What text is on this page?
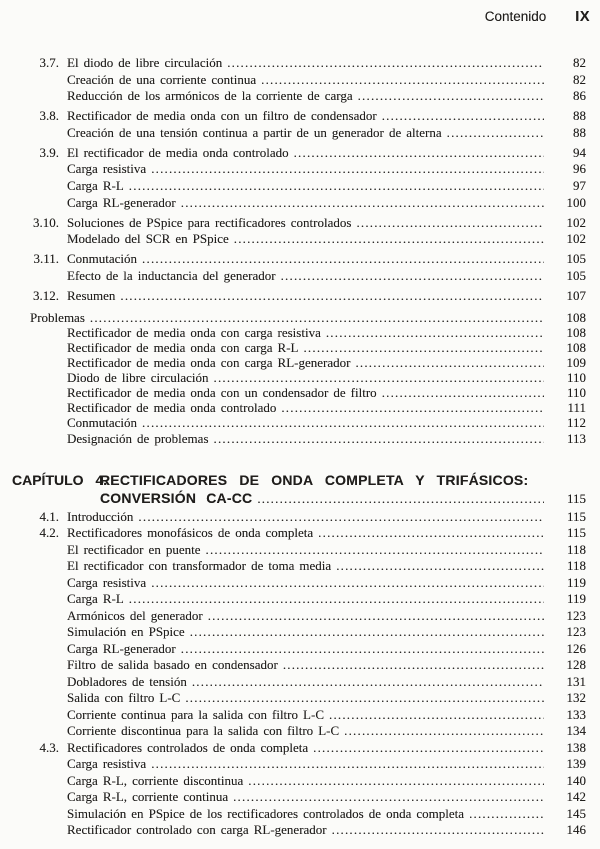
Contenido IX
3.7. El diodo de libre circulación .....	82
Creación de una corriente continua .....	82
Reducción de los armónicos de la corriente de carga .....	86
3.8. Rectificador de media onda con un filtro de condensador .....	88
Creación de una tensión continua a partir de un generador de alterna .....	88
3.9. El rectificador de media onda controlado .....	94
Carga resistiva .....	96
Carga R-L .....	97
Carga RL-generador .....	100
3.10. Soluciones de PSpice para rectificadores controlados .....	102
Modelado del SCR en PSpice .....	102
3.11. Conmutación .....	105
Efecto de la inductancia del generador .....	105
3.12. Resumen .....	107
Problemas .....	108
Rectificador de media onda con carga resistiva .....	108
Rectificador de media onda con carga R-L .....	108
Rectificador de media onda con carga RL-generador .....	109
Diodo de libre circulación .....	110
Rectificador de media onda con un condensador de filtro .....	110
Rectificador de media onda controlado .....	111
Conmutación .....	112
Designación de problemas .....	113
CAPÍTULO 4.
RECTIFICADORES DE ONDA COMPLETA Y TRIFÁSICOS:
CONVERSIÓN CA-CC .....	115
4.1. Introducción .....	115
4.2. Rectificadores monofásicos de onda completa .....	115
El rectificador en puente .....	118
El rectificador con transformador de toma media .....	118
Carga resistiva .....	119
Carga R-L .....	119
Armónicos del generador .....	123
Simulación en PSpice .....	123
Carga RL-generador .....	126
Filtro de salida basado en condensador .....	128
Dobladores de tensión .....	131
Salida con filtro L-C .....	132
Corriente continua para la salida con filtro L-C .....	133
Corriente discontinua para la salida con filtro L-C .....	134
4.3. Rectificadores controlados de onda completa .....	138
Carga resistiva .....	139
Carga R-L, corriente discontinua .....	140
Carga R-L, corriente continua .....	142
Simulación en PSpice de los rectificadores controlados de onda completa .....	145
Rectificador controlado con carga RL-generador .....	146
